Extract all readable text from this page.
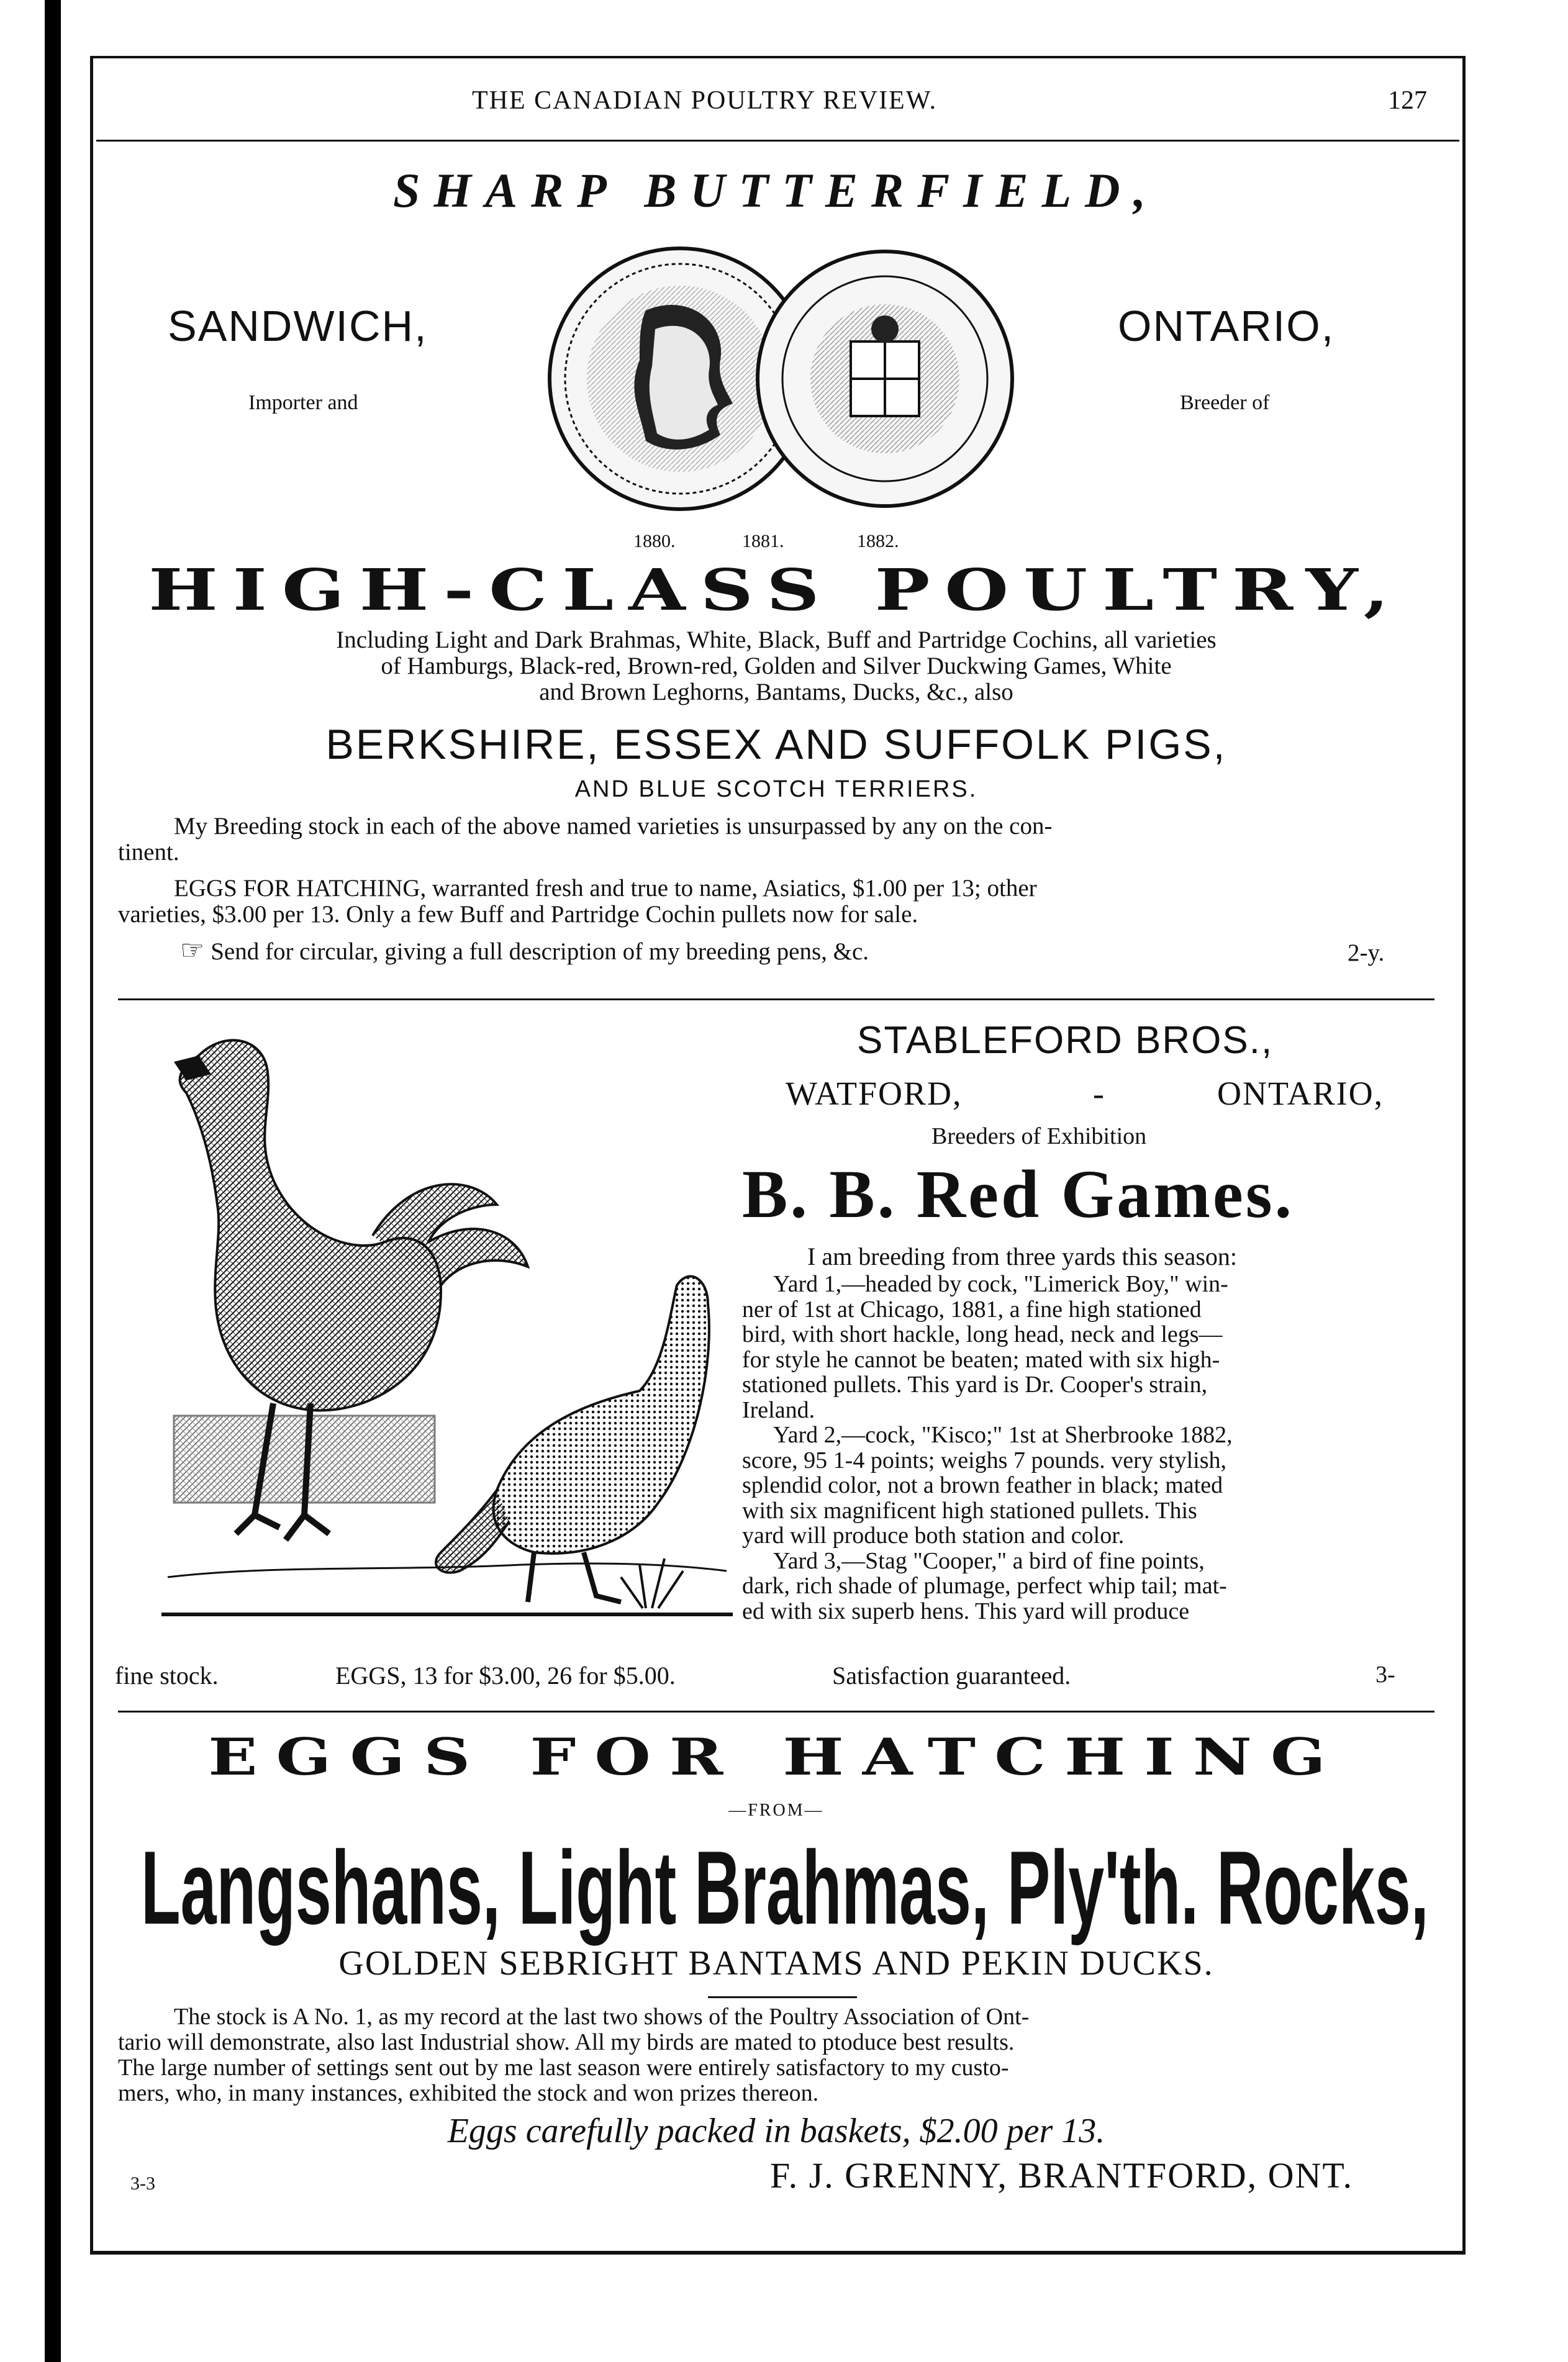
THE CANADIAN POULTRY REVIEW.	127
SHARP BUTTERFIELD,
SANDWICH,
Importer and
ONTARIO,
Breeder of
1880.	1881.	1882.
HIGH-CLASS POULTRY,
Including Light and Dark Brahmas, White, Black, Buff and Partridge Cochins, all varieties
of Hamburgs, Black-red, Brown-red, Golden and Silver Duckwing Games, White
and Brown Leghorns, Bantams, Ducks, &c., also
BERKSHIRE, ESSEX AND SUFFOLK PIGS,
AND BLUE SCOTCH TERRIERS.
My Breeding stock in each of the above named varieties is unsurpassed by any on the con-
tinent.
EGGS FOR HATCHING, warranted fresh and true to name, Asiatics, $1.00 per 13; other
varieties, $3.00 per 13. Only a few Buff and Partridge Cochin pullets now for sale.
☞ Send for circular, giving a full description of my breeding pens, &c.	2-y.
STABLEFORD BROS.,
WATFORD,	-	ONTARIO,
Breeders of Exhibition
B. B. Red Games.
I am breeding from three yards this season:
Yard 1,—headed by cock, "Limerick Boy," win-
ner of 1st at Chicago, 1881, a fine high stationed
bird, with short hackle, long head, neck and legs—
for style he cannot be beaten; mated with six high-
stationed pullets. This yard is Dr. Cooper's strain,
Ireland.
Yard 2,—cock, "Kisco;" 1st at Sherbrooke 1882,
score, 95 1-4 points; weighs 7 pounds. very stylish,
splendid color, not a brown feather in black; mated
with six magnificent high stationed pullets. This
yard will produce both station and color.
Yard 3,—Stag "Cooper," a bird of fine points,
dark, rich shade of plumage, perfect whip tail; mat-
ed with six superb hens. This yard will produce
fine stock.	EGGS, 13 for $3.00, 26 for $5.00.	Satisfaction guaranteed.	3-
EGGS FOR HATCHING
—FROM—
Langshans, Light Brahmas, Ply'th. Rocks,
GOLDEN SEBRIGHT BANTAMS AND PEKIN DUCKS.
The stock is A No. 1, as my record at the last two shows of the Poultry Association of Ont-
tario will demonstrate, also last Industrial show. All my birds are mated to ptoduce best results.
The large number of settings sent out by me last season were entirely satisfactory to my custo-
mers, who, in many instances, exhibited the stock and won prizes thereon.
Eggs carefully packed in baskets, $2.00 per 13.
3-3	F. J. GRENNY, BRANTFORD, ONT.
